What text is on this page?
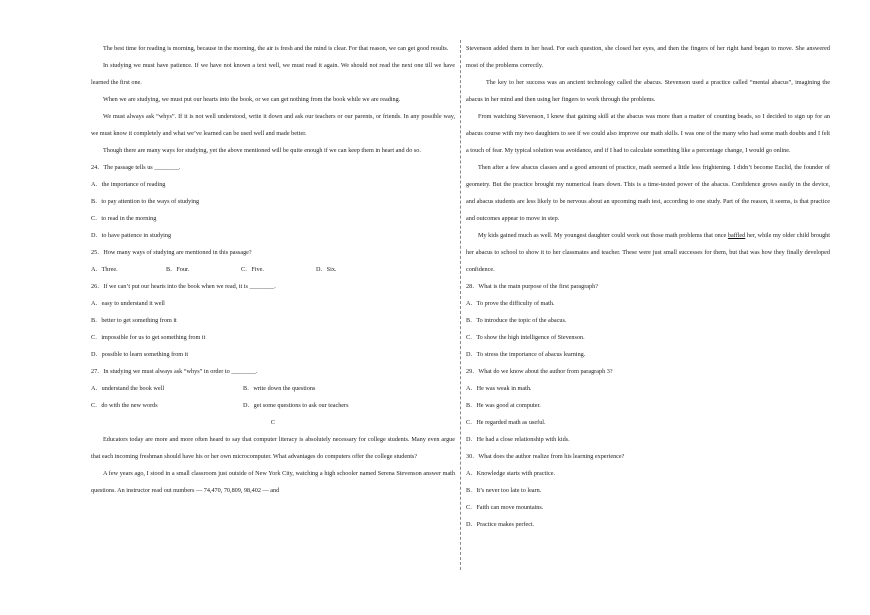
The best time for reading is morning, because in the morning, the air is fresh and the mind is clear. For that reason, we can get good results.

In studying we must have patience. If we have not known a text well, we must read it again. We should not read the next one till we have learned the first one.

When we are studying, we must put our hearts into the book, or we can get nothing from the book while we are reading.

We must always ask “whys”. If it is not well understood, write it down and ask our teachers or our parents, or friends. In any possible way, we must know it completely and what we’ve learned can be used well and made better.

Though there are many ways for studying, yet the above mentioned will be quite enough if we can keep them in heart and do so.

24．The passage tells us ________.

A．the importance of reading

B．to pay attention to the ways of studying

C．to read in the morning

D．to have patience in studying

25．How many ways of studying are mentioned in this passage?

A．Three.	B．Four.	C．Five.	D．Six.

26．If we can’t put our hearts into the book when we read, it is ________.

A．easy to understand it well

B．better to get something from it

C．impossible for us to get something from it

D．possible to learn something from it

27．In studying we must always ask “whys” in order to ________.

A．understand the book well	B．write down the questions
C．do with the new words	D．get some questions to ask our teachers

C

Educators today are more and more often heard to say that computer literacy is absolutely necessary for college students. Many even argue that each incoming freshman should have his or her own microcomputer. What advantages do computers offer the college students?

A few years ago, I stood in a small classroom just outside of New York City, watching a high schooler named Serena Stevenson answer math questions. An instructor read out numbers — 74,470, 70,809, 98,402 — and

Stevenson added them in her head. For each question, she closed her eyes, and then the fingers of her right hand began to move. She answered most of the problems correctly.

The key to her success was an ancient technology called the abacus. Stevenson used a practice called “mental abacus”, imagining the abacus in her mind and then using her fingers to work through the problems.

From watching Stevenson, I knew that gaining skill at the abacus was more than a matter of counting beads, so I decided to sign up for an abacus course with my two daughters to see if we could also improve our math skills. I was one of the many who had some math doubts and I felt a touch of fear. My typical solution was avoidance, and if I had to calculate something like a percentage change, I would go online.

Then after a few abacus classes and a good amount of practice, math seemed a little less frightening. I didn’t become Euclid, the founder of geometry. But the practice brought my numerical fears down. This is a time-tested power of the abacus. Confidence grows easily in the device, and abacus students are less likely to be nervous about an upcoming math test, according to one study. Part of the reason, it seems, is that practice and outcomes appear to move in step.

My kids gained much as well. My youngest daughter could work out those math problems that once baffled her, while my older child brought her abacus to school to show it to her classmates and teacher. These were just small successes for them, but that was how they finally developed confidence.

28．What is the main purpose of the first paragraph?

A．To prove the difficulty of math.

B．To introduce the topic of the abacus.

C．To show the high intelligence of Stevenson.

D．To stress the importance of abacus learning.

29．What do we know about the author from paragraph 3?

A．He was weak in math.

B．He was good at computer.

C．He regarded math as useful.

D．He had a close relationship with kids.

30．What does the author realize from his learning experience?

A．Knowledge starts with practice.

B．It’s never too late to learn.

C．Faith can move mountains.

D．Practice makes perfect.
